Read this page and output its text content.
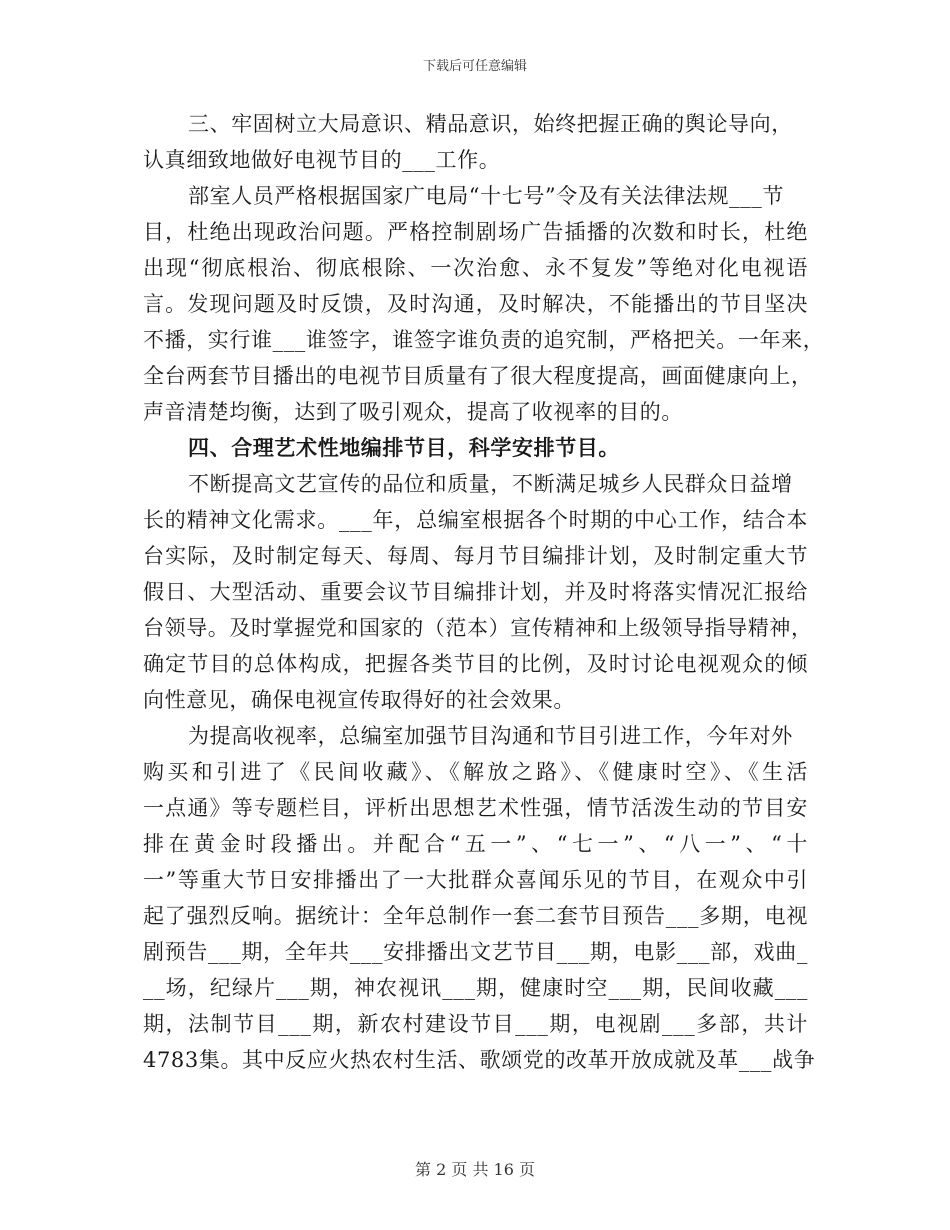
下载后可任意编辑
三、牢固树立大局意识、精品意识，始终把握正确的舆论导向，
认真细致地做好电视节目的___工作。
部室人员严格根据国家广电局“十七号”令及有关法律法规___节
目，杜绝出现政治问题。严格控制剧场广告插播的次数和时长，杜绝
出现“彻底根治、彻底根除、一次治愈、永不复发”等绝对化电视语
言。发现问题及时反馈，及时沟通，及时解决，不能播出的节目坚决
不播，实行谁___谁签字，谁签字谁负责的追究制，严格把关。一年来，
全台两套节目播出的电视节目质量有了很大程度提高，画面健康向上，
声音清楚均衡，达到了吸引观众，提高了收视率的目的。
四、合理艺术性地编排节目，科学安排节目。
不断提高文艺宣传的品位和质量，不断满足城乡人民群众日益增
长的精神文化需求。___年，总编室根据各个时期的中心工作，结合本
台实际，及时制定每天、每周、每月节目编排计划，及时制定重大节
假日、大型活动、重要会议节目编排计划，并及时将落实情况汇报给
台领导。及时掌握党和国家的（范本）宣传精神和上级领导指导精神，
确定节目的总体构成，把握各类节目的比例，及时讨论电视观众的倾
向性意见，确保电视宣传取得好的社会效果。
为提高收视率，总编室加强节目沟通和节目引进工作，今年对外
购买和引进了《民间收藏》、《解放之路》、《健康时空》、《生活
一点通》等专题栏目，评析出思想艺术性强，情节活泼生动的节目安
排在黄金时段播出。并配合“五一”、“七一”、“八一”、“十
一”等重大节日安排播出了一大批群众喜闻乐见的节目，在观众中引
起了强烈反响。据统计：全年总制作一套二套节目预告___多期，电视
剧预告___期，全年共___安排播出文艺节目___期，电影___部，戏曲_
__场，纪绿片___期，神农视讯___期，健康时空___期，民间收藏___
期，法制节目___期，新农村建设节目___期，电视剧___多部，共计
4783集。其中反应火热农村生活、歌颂党的改革开放成就及革___战争
第 2 页 共 16 页
